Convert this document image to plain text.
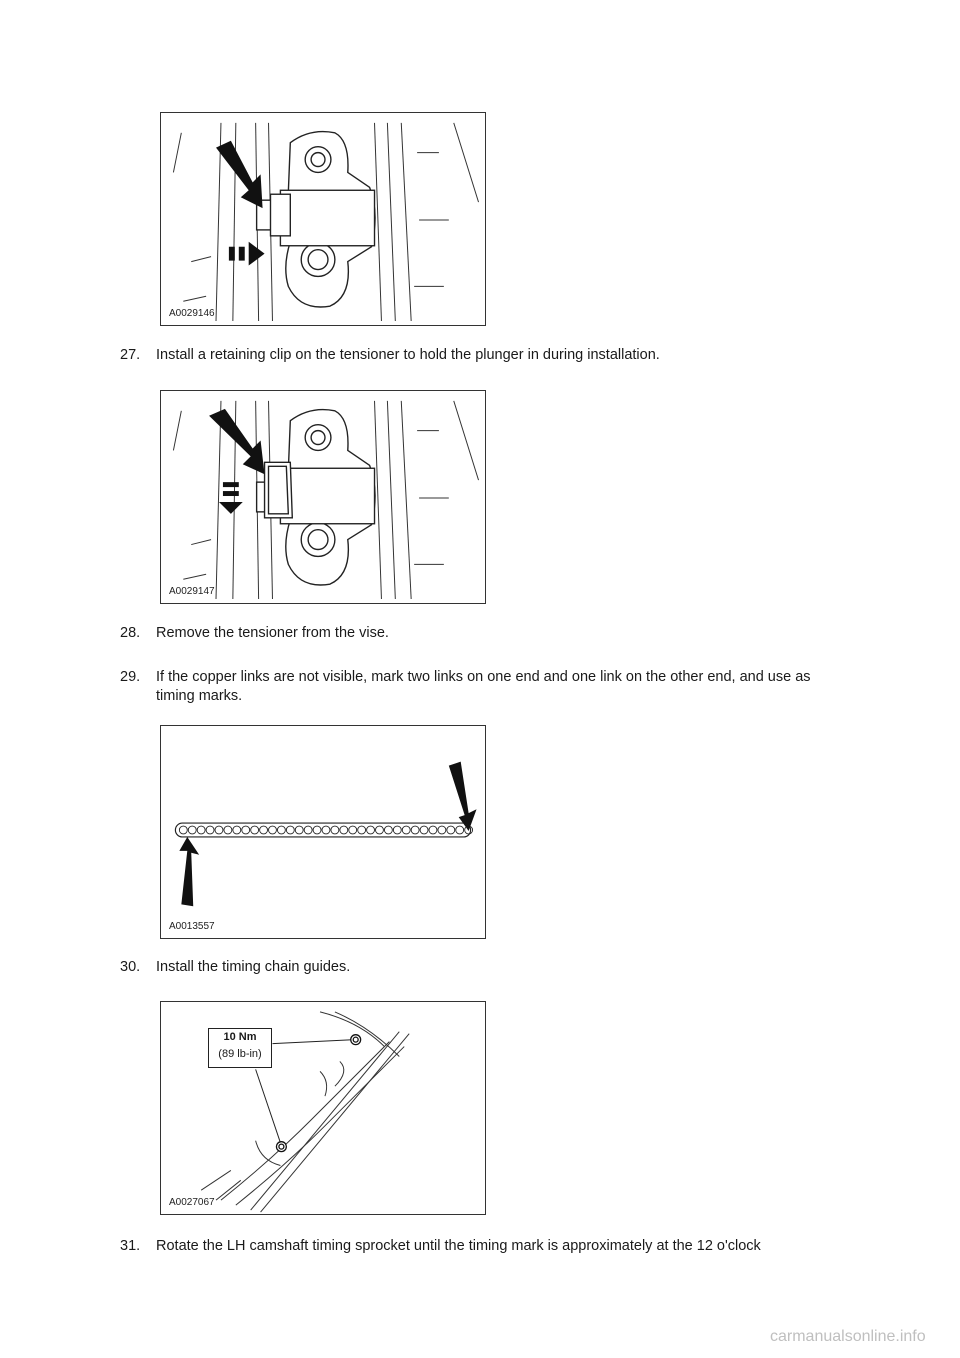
A0029146
27. Install a retaining clip on the tensioner to hold the plunger in during installation.
A0029147
28. Remove the tensioner from the vise.
29. If the copper links are not visible, mark two links on one end and one link on the other end, and use as timing marks.
A0013557
30. Install the timing chain guides.
A0027067
10 Nm
(89 lb-in)
31. Rotate the LH camshaft timing sprocket until the timing mark is approximately at the 12 o'clock
carmanualsonline.info
